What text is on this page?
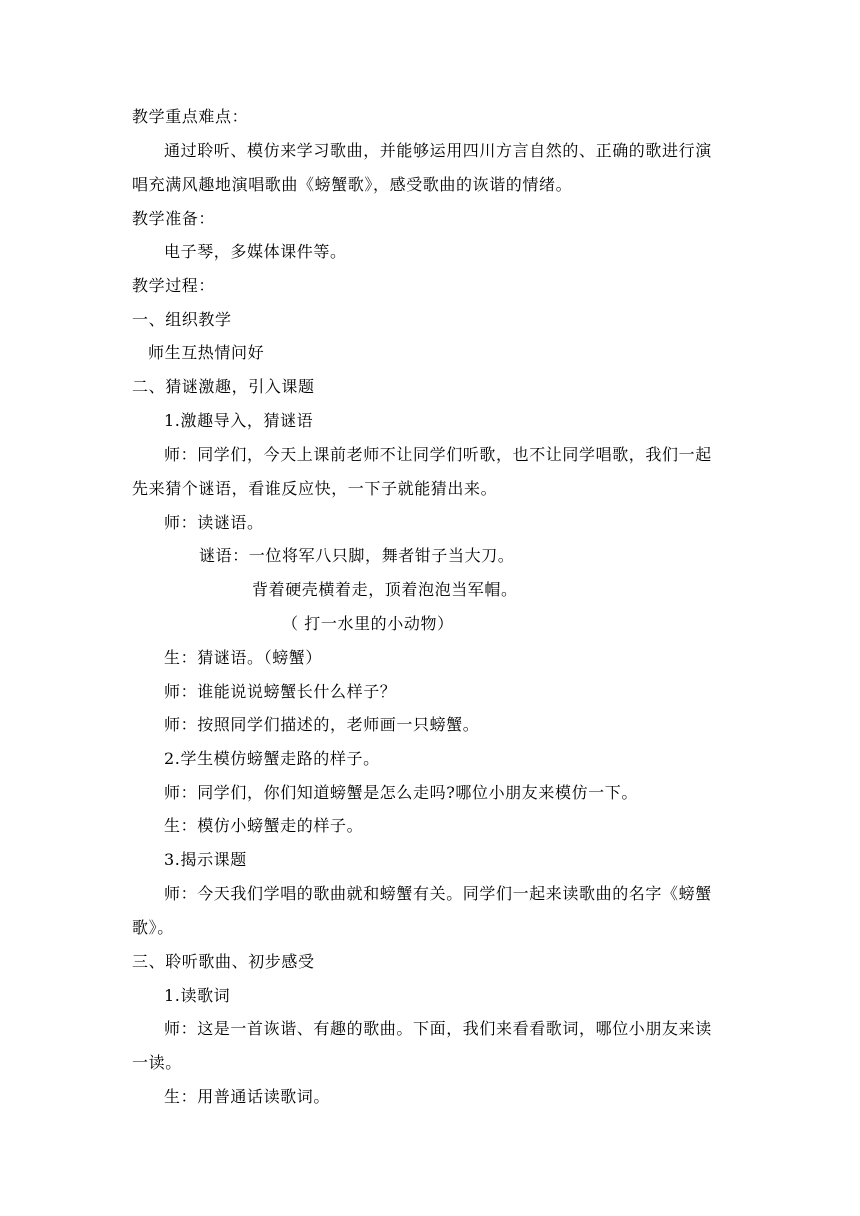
教学重点难点：
通过聆听、模仿来学习歌曲，并能够运用四川方言自然的、正确的歌进行演
唱充满风趣地演唱歌曲《螃蟹歌》，感受歌曲的诙谐的情绪。
教学准备：
电子琴，多媒体课件等。
教学过程：
一、组织教学
师生互热情问好
二、猜谜激趣，引入课题
1.激趣导入，猜谜语
师：同学们，今天上课前老师不让同学们听歌，也不让同学唱歌，我们一起
先来猜个谜语，看谁反应快，一下子就能猜出来。
师：读谜语。
谜语：一位将军八只脚，舞者钳子当大刀。
背着硬壳横着走，顶着泡泡当军帽。
（ 打一水里的小动物）
生：猜谜语。（螃蟹）
师：谁能说说螃蟹长什么样子？
师：按照同学们描述的，老师画一只螃蟹。
2.学生模仿螃蟹走路的样子。
师：同学们，你们知道螃蟹是怎么走吗?哪位小朋友来模仿一下。
生：模仿小螃蟹走的样子。
3.揭示课题
师：今天我们学唱的歌曲就和螃蟹有关。同学们一起来读歌曲的名字《螃蟹
歌》。
三、聆听歌曲、初步感受
1.读歌词
师：这是一首诙谐、有趣的歌曲。下面，我们来看看歌词，哪位小朋友来读
一读。
生：用普通话读歌词。
